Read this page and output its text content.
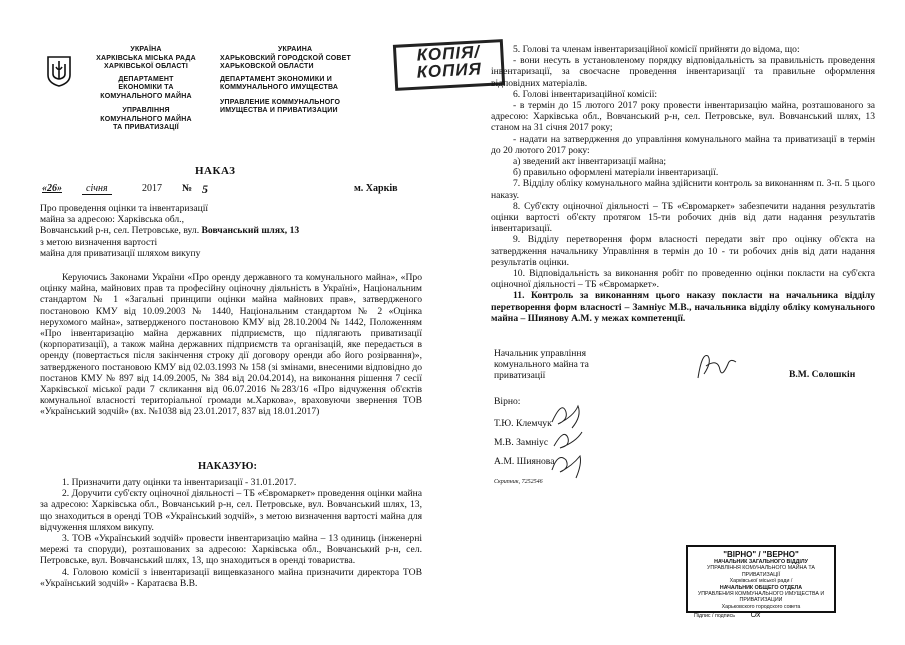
УКРАЇНА
ХАРКІВСЬКА МІСЬКА РАДА
ХАРКІВСЬКОЇ ОБЛАСТІ
ДЕПАРТАМЕНТ
ЕКОНОМІКИ ТА
КОМУНАЛЬНОГО МАЙНА
УПРАВЛІННЯ
КОМУНАЛЬНОГО МАЙНА
ТА ПРИВАТИЗАЦІЇ
УКРАИНА
ХАРЬКОВСКИЙ ГОРОДСКОЙ СОВЕТ
ХАРЬКОВСКОЙ ОБЛАСТИ
ДЕПАРТАМЕНТ ЭКОНОМИКИ И
КОММУНАЛЬНОГО ИМУЩЕСТВА
УПРАВЛЕНИЕ КОММУНАЛЬНОГО
ИМУЩЕСТВА И ПРИВАТИЗАЦИИ
КОПІЯ/
КОПИЯ
НАКАЗ
«26»	січня	2017 № 5	м. Харків
Про проведення оцінки та інвентаризації
майна за адресою: Харківська обл.,
Вовчанський р-н, сел. Петровське, вул. Вовчанський шлях, 13
з метою визначення вартості
майна для приватизації шляхом викупу

Керуючись Законами України «Про оренду державного та комунального майна», «Про оцінку майна, майнових прав та професійну оціночну діяльність в Україні», Національним стандартом № 1 «Загальні принципи оцінки майна майнових прав», затвердженого постановою КМУ від 10.09.2003 № 1440, Національним стандартом № 2 «Оцінка нерухомого майна», затвердженого постановою КМУ від 28.10.2004 № 1442, Положенням «Про інвентаризацію майна державних підприємств, що підлягають приватизації (корпоратизації), а також майна державних підприємств та організацій, яке передається в оренду (повертається після закінчення строку дії договору оренди або його розірвання)», затвердженого постановою КМУ від 02.03.1993 № 158 (зі змінами, внесеними відповідно до постанов КМУ № 897 від 14.09.2005, № 384 від 20.04.2014), на виконання рішення 7 сесії Харківської міської ради 7 скликання від 06.07.2016 №283/16 «Про відчуження об'єктів комунальної власності територіальної громади м.Харкова», враховуючи звернення ТОВ «Український зодчій» (вх. №1038 від 23.01.2017, 837 від 18.01.2017)

НАКАЗУЮ:

1. Призначити дату оцінки та інвентаризації - 31.01.2017.

2. Доручити суб'єкту оціночної діяльності – ТБ «Євромаркет» проведення оцінки майна за адресою: Харківська обл., Вовчанський р-н, сел. Петровське, вул. Вовчанський шлях, 13, що знаходиться в оренді ТОВ «Український зодчій», з метою визначення вартості майна для відчуження шляхом викупу.

3. ТОВ «Український зодчій» провести інвентаризацію майна – 13 одиниць (інженерні мережі та споруди), розташованих за адресою: Харківська обл., Вовчанський р-н, сел. Петровське, вул. Вовчанський шлях, 13, що знаходиться в оренді товариства.

4. Головою комісії з інвентаризації вищевказаного майна призначити директора ТОВ «Український зодчій» - Каратаєва В.В.

5. Голові та членам інвентаризаційної комісії прийняти до відома, що:

- вони несуть в установленому порядку відповідальність за правильність проведення інвентаризації, за своєчасне проведення інвентаризації та правильне оформлення відповідних матеріалів.

6. Голові інвентаризаційної комісії:

- в термін до 15 лютого 2017 року провести інвентаризацію майна, розташованого за адресою: Харківська обл., Вовчанський р-н, сел. Петровське, вул. Вовчанський шлях, 13 станом на 31 січня 2017 року;

- надати на затвердження до управління комунального майна та приватизації в термін до 20 лютого 2017 року:

а) зведений акт інвентаризації майна;

б) правильно оформлені матеріали інвентаризації.

7. Відділу обліку комунального майна здійснити контроль за виконанням п. 3-п. 5 цього наказу.

8. Суб'єкту оціночної діяльності – ТБ «Євромаркет» забезпечити надання результатів оцінки вартості об'єкту протягом 15-ти робочих днів від дати надання результатів інвентаризації.

9. Відділу перетворення форм власності передати звіт про оцінку об'єкта на затвердження начальнику Управління в термін до 10 - ти робочих днів від дати надання результатів оцінки.

10. Відповідальність за виконання робіт по проведенню оцінки покласти на суб'єкта оціночної діяльності – ТБ «Євромаркет».

11. Контроль за виконанням цього наказу покласти на начальника відділу перетворення форм власності – Замніус М.В., начальника відділу обліку комунального майна – Шиянову А.М. у межах компетенції.

Начальник управління
комунального майна та
приватизації	В.М. Солошкін
Вірно:
Т.Ю. Клемчук
М.В. Замніус
А.М. Шиянова
Скрипник, 7252546
"ВІРНО" / "ВЕРНО"
НАЧАЛЬНИК ЗАГАЛЬНОГО ВІДДІЛУ
УПРАВЛІННЯ КОМУНАЛЬНОГО МАЙНА ТА ПРИВАТИЗАЦІЇ
Харківської міської ради /
НАЧАЛЬНИК ОБЩЕГО ОТДЕЛА
УПРАВЛЕНИЯ КОММУНАЛЬНОГО ИМУЩЕСТВА И ПРИВАТИЗАЦИИ
Харьковского городского совета
Підпис / подпись Ох
